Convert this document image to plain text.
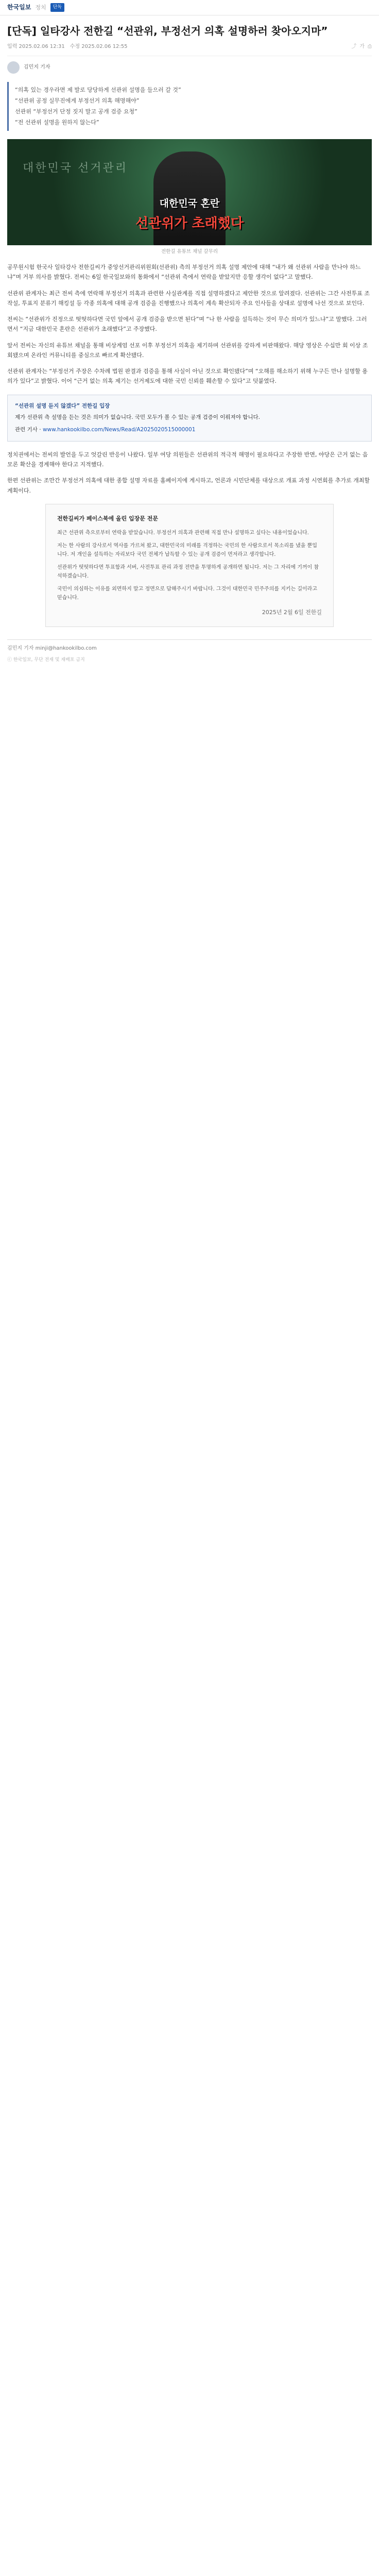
한국일보 정치	단독
[단독] 일타강사 전한길 “선관위, 부정선거 의혹 설명하러 찾아오지마”
입력 2025.02.06 12:31 수정 2025.02.06 12:55	⤴ 가 ⎙
김민지 기자

“의혹 있는 경우라면 제 발로 당당하게 선관위 설명을 들으러 갈 것”

“선관위 공정 실무진에게 부정선거 의혹 해명해야”

선관위 “부정선거 단정 짓지 말고 공개 검증 요청”

“전 선관위 설명을 원하지 않는다”

대한민국 선거관리
대한민국 혼란
선관위가 초래했다
전한길 유튜브 채널 갈무리

공무원시험 한국사 일타강사 전한길씨가 중앙선거관리위원회(선관위) 측의 부정선거 의혹 설명 제안에 대해 “내가 왜 선관위 사람을 만나야 하느냐”며 거부 의사를 밝혔다. 전씨는 6일 한국일보와의 통화에서 “선관위 측에서 연락을 받았지만 응할 생각이 없다”고 말했다.

선관위 관계자는 최근 전씨 측에 연락해 부정선거 의혹과 관련한 사실관계를 직접 설명하겠다고 제안한 것으로 알려졌다. 선관위는 그간 사전투표 조작설, 투표지 분류기 해킹설 등 각종 의혹에 대해 공개 검증을 진행했으나 의혹이 계속 확산되자 주요 인사들을 상대로 설명에 나선 것으로 보인다.

전씨는 “선관위가 진정으로 떳떳하다면 국민 앞에서 공개 검증을 받으면 된다”며 “나 한 사람을 설득하는 것이 무슨 의미가 있느냐”고 말했다. 그러면서 “지금 대한민국 혼란은 선관위가 초래했다”고 주장했다.

앞서 전씨는 자신의 유튜브 채널을 통해 비상계엄 선포 이후 부정선거 의혹을 제기하며 선관위를 강하게 비판해왔다. 해당 영상은 수십만 회 이상 조회됐으며 온라인 커뮤니티를 중심으로 빠르게 확산됐다.

선관위 관계자는 “부정선거 주장은 수차례 법원 판결과 검증을 통해 사실이 아닌 것으로 확인됐다”며 “오해를 해소하기 위해 누구든 만나 설명할 용의가 있다”고 밝혔다. 이어 “근거 없는 의혹 제기는 선거제도에 대한 국민 신뢰를 훼손할 수 있다”고 덧붙였다.

“선관위 설명 듣지 않겠다” 전한길 입장
제가 선관위 측 설명을 듣는 것은 의미가 없습니다. 국민 모두가 볼 수 있는 공개 검증이 이뤄져야 합니다.
관련 기사 · www.hankookilbo.com/News/Read/A2025020515000001

정치권에서는 전씨의 발언을 두고 엇갈린 반응이 나왔다. 일부 여당 의원들은 선관위의 적극적 해명이 필요하다고 주장한 반면, 야당은 근거 없는 음모론 확산을 경계해야 한다고 지적했다.

한편 선관위는 조만간 부정선거 의혹에 대한 종합 설명 자료를 홈페이지에 게시하고, 언론과 시민단체를 대상으로 개표 과정 시연회를 추가로 개최할 계획이다.

전한길씨가 페이스북에 올린 입장문 전문

최근 선관위 측으로부터 연락을 받았습니다. 부정선거 의혹과 관련해 직접 만나 설명하고 싶다는 내용이었습니다.

저는 한 사람의 강사로서 역사를 가르쳐 왔고, 대한민국의 미래를 걱정하는 국민의 한 사람으로서 목소리를 냈을 뿐입니다. 저 개인을 설득하는 자리보다 국민 전체가 납득할 수 있는 공개 검증이 먼저라고 생각합니다.

선관위가 떳떳하다면 투표함과 서버, 사전투표 관리 과정 전반을 투명하게 공개하면 됩니다. 저는 그 자리에 기꺼이 참석하겠습니다.

국민이 의심하는 이유를 외면하지 말고 정면으로 답해주시기 바랍니다. 그것이 대한민국 민주주의를 지키는 길이라고 믿습니다.

2025년 2월 6일 전한길
김민지 기자 minji@hankookilbo.com
ⓒ 한국일보, 무단 전재 및 재배포 금지
